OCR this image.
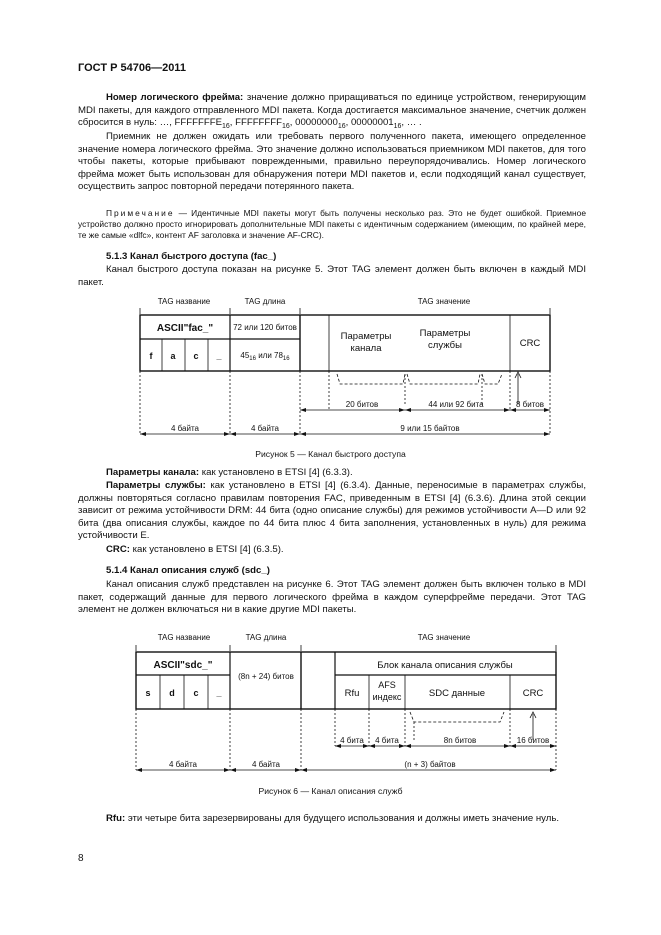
ГОСТ Р 54706—2011
Номер логического фрейма: значение должно приращиваться по единице устройством, генерирующим MDI пакеты, для каждого отправленного MDI пакета. Когда достигается максимальное значение, счетчик должен сбросится в нуль: …, $FFFFFFFE_{16}$, $FFFFFFFF_{16}$, $00000000_{16}$, $00000001_{16}$, … .
Приемник не должен ожидать или требовать первого полученного пакета, имеющего определенное значение номера логического фрейма. Это значение должно использоваться приемником MDI пакетов, для того чтобы пакеты, которые прибывают поврежденными, правильно переупорядочивались. Номер логического фрейма может быть использован для обнаружения потери MDI пакетов и, если подходящий канал существует, осуществить запрос повторной передачи потерянного пакета.
Примечание — Идентичные MDI пакеты могут быть получены несколько раз. Это не будет ошибкой. Приемное устройство должно просто игнорировать дополнительные MDI пакеты с идентичным содержанием (имеющим, по крайней мере, те же самые «dlfc», контент AF заголовка и значение AF-CRC).
5.1.3 Канал быстрого доступа (fac_)
Канал быстрого доступа показан на рисунке 5. Этот TAG элемент должен быть включен в каждый MDI пакет.
TAG название	TAG длина	TAG значение
ASCII"fac_"
f a c _
72 или 120 битов
$45_{16}$ или $78_{16}$
Параметры
канала
Параметры
службы	CRC
20 битов	44 или 92 бита	8 битов
4 байта	4 байта	9 или 15 байтов
Рисунок 5 — Канал быстрого доступа
Параметры канала: как установлено в ETSI [4] (6.3.3).
Параметры службы: как установлено в ETSI [4] (6.3.4). Данные, переносимые в параметрах службы, должны повторяться согласно правилам повторения FAC, приведенным в ETSI [4] (6.3.6). Длина этой секции зависит от режима устойчивости DRM: 44 бита (одно описание службы) для режимов устойчивости A—D или 92 бита (два описания службы, каждое по 44 бита плюс 4 бита заполнения, установленных в нуль) для режима устойчивости E.
CRC: как установлено в ETSI [4] (6.3.5).
5.1.4 Канал описания служб (sdc_)
Канал описания служб представлен на рисунке 6. Этот TAG элемент должен быть включен только в MDI пакет, содержащий данные для первого логического фрейма в каждом суперфрейме передачи. Этот TAG элемент не должен включаться ни в какие другие MDI пакеты.
TAG название	TAG длина	TAG значение
ASCII"sdc_"
s d c _
(8n + 24) битов
Блок канала описания службы
Rfu
AFS
индекс	SDC данные	CRC
4 бита 4 бита	8n битов	16 битов
4 байта	4 байта	(n + 3) байтов
Рисунок 6 — Канал описания служб
Rfu: эти четыре бита зарезервированы для будущего использования и должны иметь значение нуль.
8
